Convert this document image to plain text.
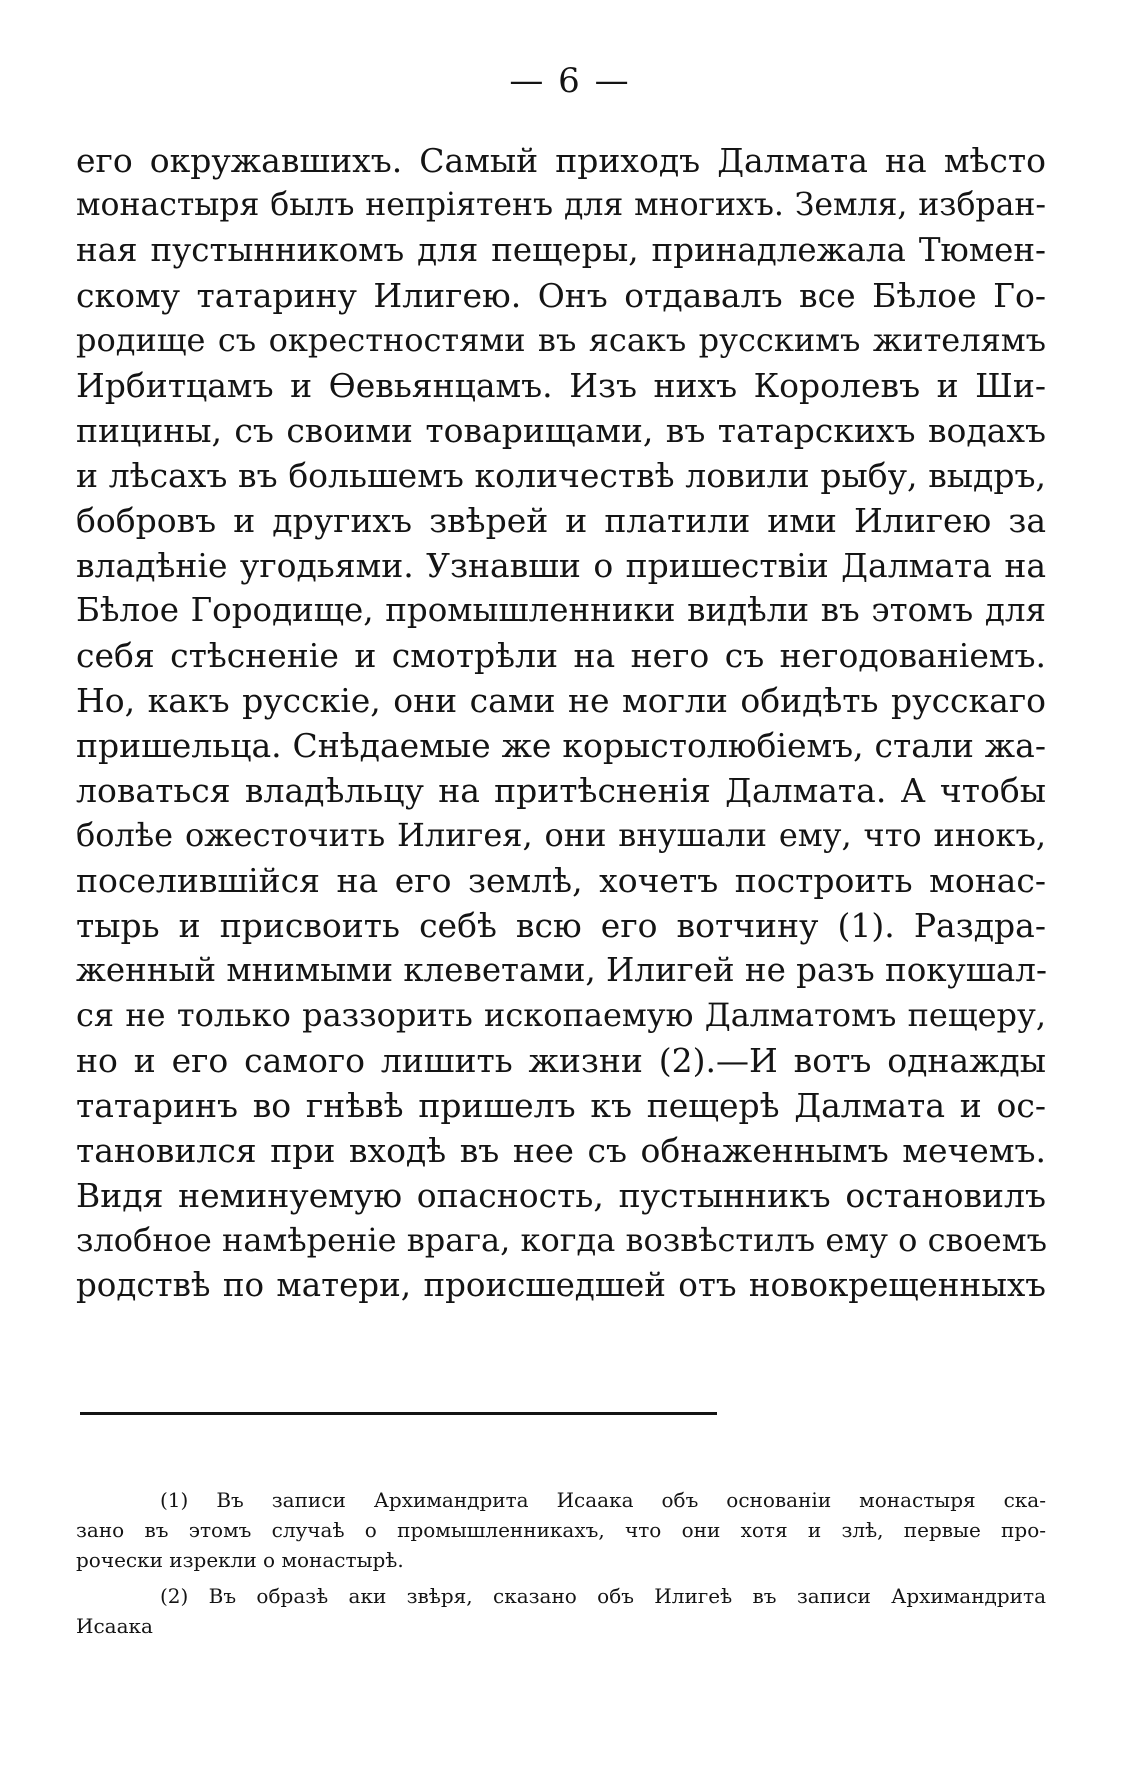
— 6 —
его окружавшихъ. Самый приходъ Далмата на мѣсто
монастыря былъ непріятенъ для многихъ. Земля, избран-
ная пустынникомъ для пещеры, принадлежала Тюмен-
скому татарину Илигею. Онъ отдавалъ все Бѣлое Го-
родище съ окрестностями въ ясакъ русскимъ жителямъ
Ирбитцамъ и Ѳевьянцамъ. Изъ нихъ Королевъ и Ши-
пицины, съ своими товарищами, въ татарскихъ водахъ
и лѣсахъ въ большемъ количествѣ ловили рыбу, выдръ,
бобровъ и другихъ звѣрей и платили ими Илигею за
владѣніе угодьями. Узнавши о пришествіи Далмата на
Бѣлое Городище, промышленники видѣли въ этомъ для
себя стѣсненіе и смотрѣли на него съ негодованіемъ.
Но, какъ русскіе, они сами не могли обидѣть русскаго
пришельца. Снѣдаемые же корыстолюбіемъ, стали жа-
ловаться владѣльцу на притѣсненія Далмата. А чтобы
болѣе ожесточить Илигея, они внушали ему, что инокъ,
поселившійся на его землѣ, хочетъ построить монас-
тырь и присвоить себѣ всю его вотчину (1). Раздра-
женный мнимыми клеветами, Илигей не разъ покушал-
ся не только раззорить ископаемую Далматомъ пещеру,
но и его самого лишить жизни (2).—И вотъ однажды
татаринъ во гнѣвѣ пришелъ къ пещерѣ Далмата и ос-
тановился при входѣ въ нее съ обнаженнымъ мечемъ.
Видя неминуемую опасность, пустынникъ остановилъ
злобное намѣреніе врага, когда возвѣстилъ ему о своемъ
родствѣ по матери, происшедшей отъ новокрещенныхъ
(1) Въ записи Архимандрита Исаака объ основаніи монастыря ска-
зано въ этомъ случаѣ о промышленникахъ, что они хотя и злѣ, первые про-
рочески изрекли о монастырѣ.
(2) Въ образѣ аки звѣря, сказано объ Илигеѣ въ записи Архимандрита
Исаака
